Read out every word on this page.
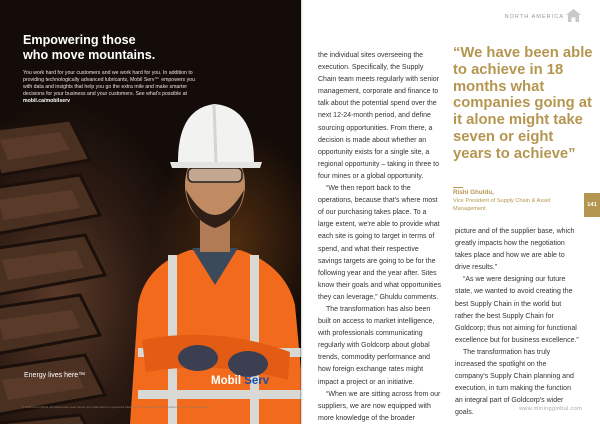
Empowering those
who move mountains.
You work hard for your customers and we work hard for you. In addition to providing technologically advanced lubricants, Mobil Serv℠ empowers you with data and insights that help you go the extra mile and make smarter decisions for your business and your customers. See what's possible at mobil.ca/mobilserv
Energy lives here™	Mobil Serv
© 2019 ExxonMobil. All trademarks used herein are trademarks or registered trademarks of Exxon Mobil Corporation or one of its subsidiaries.
NORTH AMERICA

the individual sites overseeing the execution. Specifically, the Supply Chain team meets regularly with senior management, corporate and finance to talk about the potential spend over the next 12-24-month period, and define sourcing opportunities. From there, a decision is made about whether an opportunity exists for a single site, a regional opportunity – taking in three to four mines or a global opportunity.

“We then report back to the operations, because that's where most of our purchasing takes place. To a large extent, we're able to provide what each site is going to target in terms of spend, and what their respective savings targets are going to be for the following year and the year after. Sites know their goals and what opportunities they can leverage,” Ghuldu comments.

The transformation has also been built on access to market intelligence, with professionals communicating regularly with Goldcorp about global trends, commodity performance and how foreign exchange rates might impact a project or an initiative.

“When we are sitting across from our suppliers, we are now equipped with more knowledge of the broader

“We have been able to achieve in 18 months what companies going at it alone might take seven or eight years to achieve”
Rishi Ghuldu,
Vice President of Supply Chain & Asset Management

picture and of the supplier base, which greatly impacts how the negotiation takes place and how we are able to drive results.”

“As we were designing our future state, we wanted to avoid creating the best Supply Chain in the world but rather the best Supply Chain for Goldcorp; thus not aiming for functional excellence but for business excellence.”

The transformation has truly increased the spotlight on the company's Supply Chain planning and execution, in turn making the function an integral part of Goldcorp's wider goals.

141
www.miningglobal.com
